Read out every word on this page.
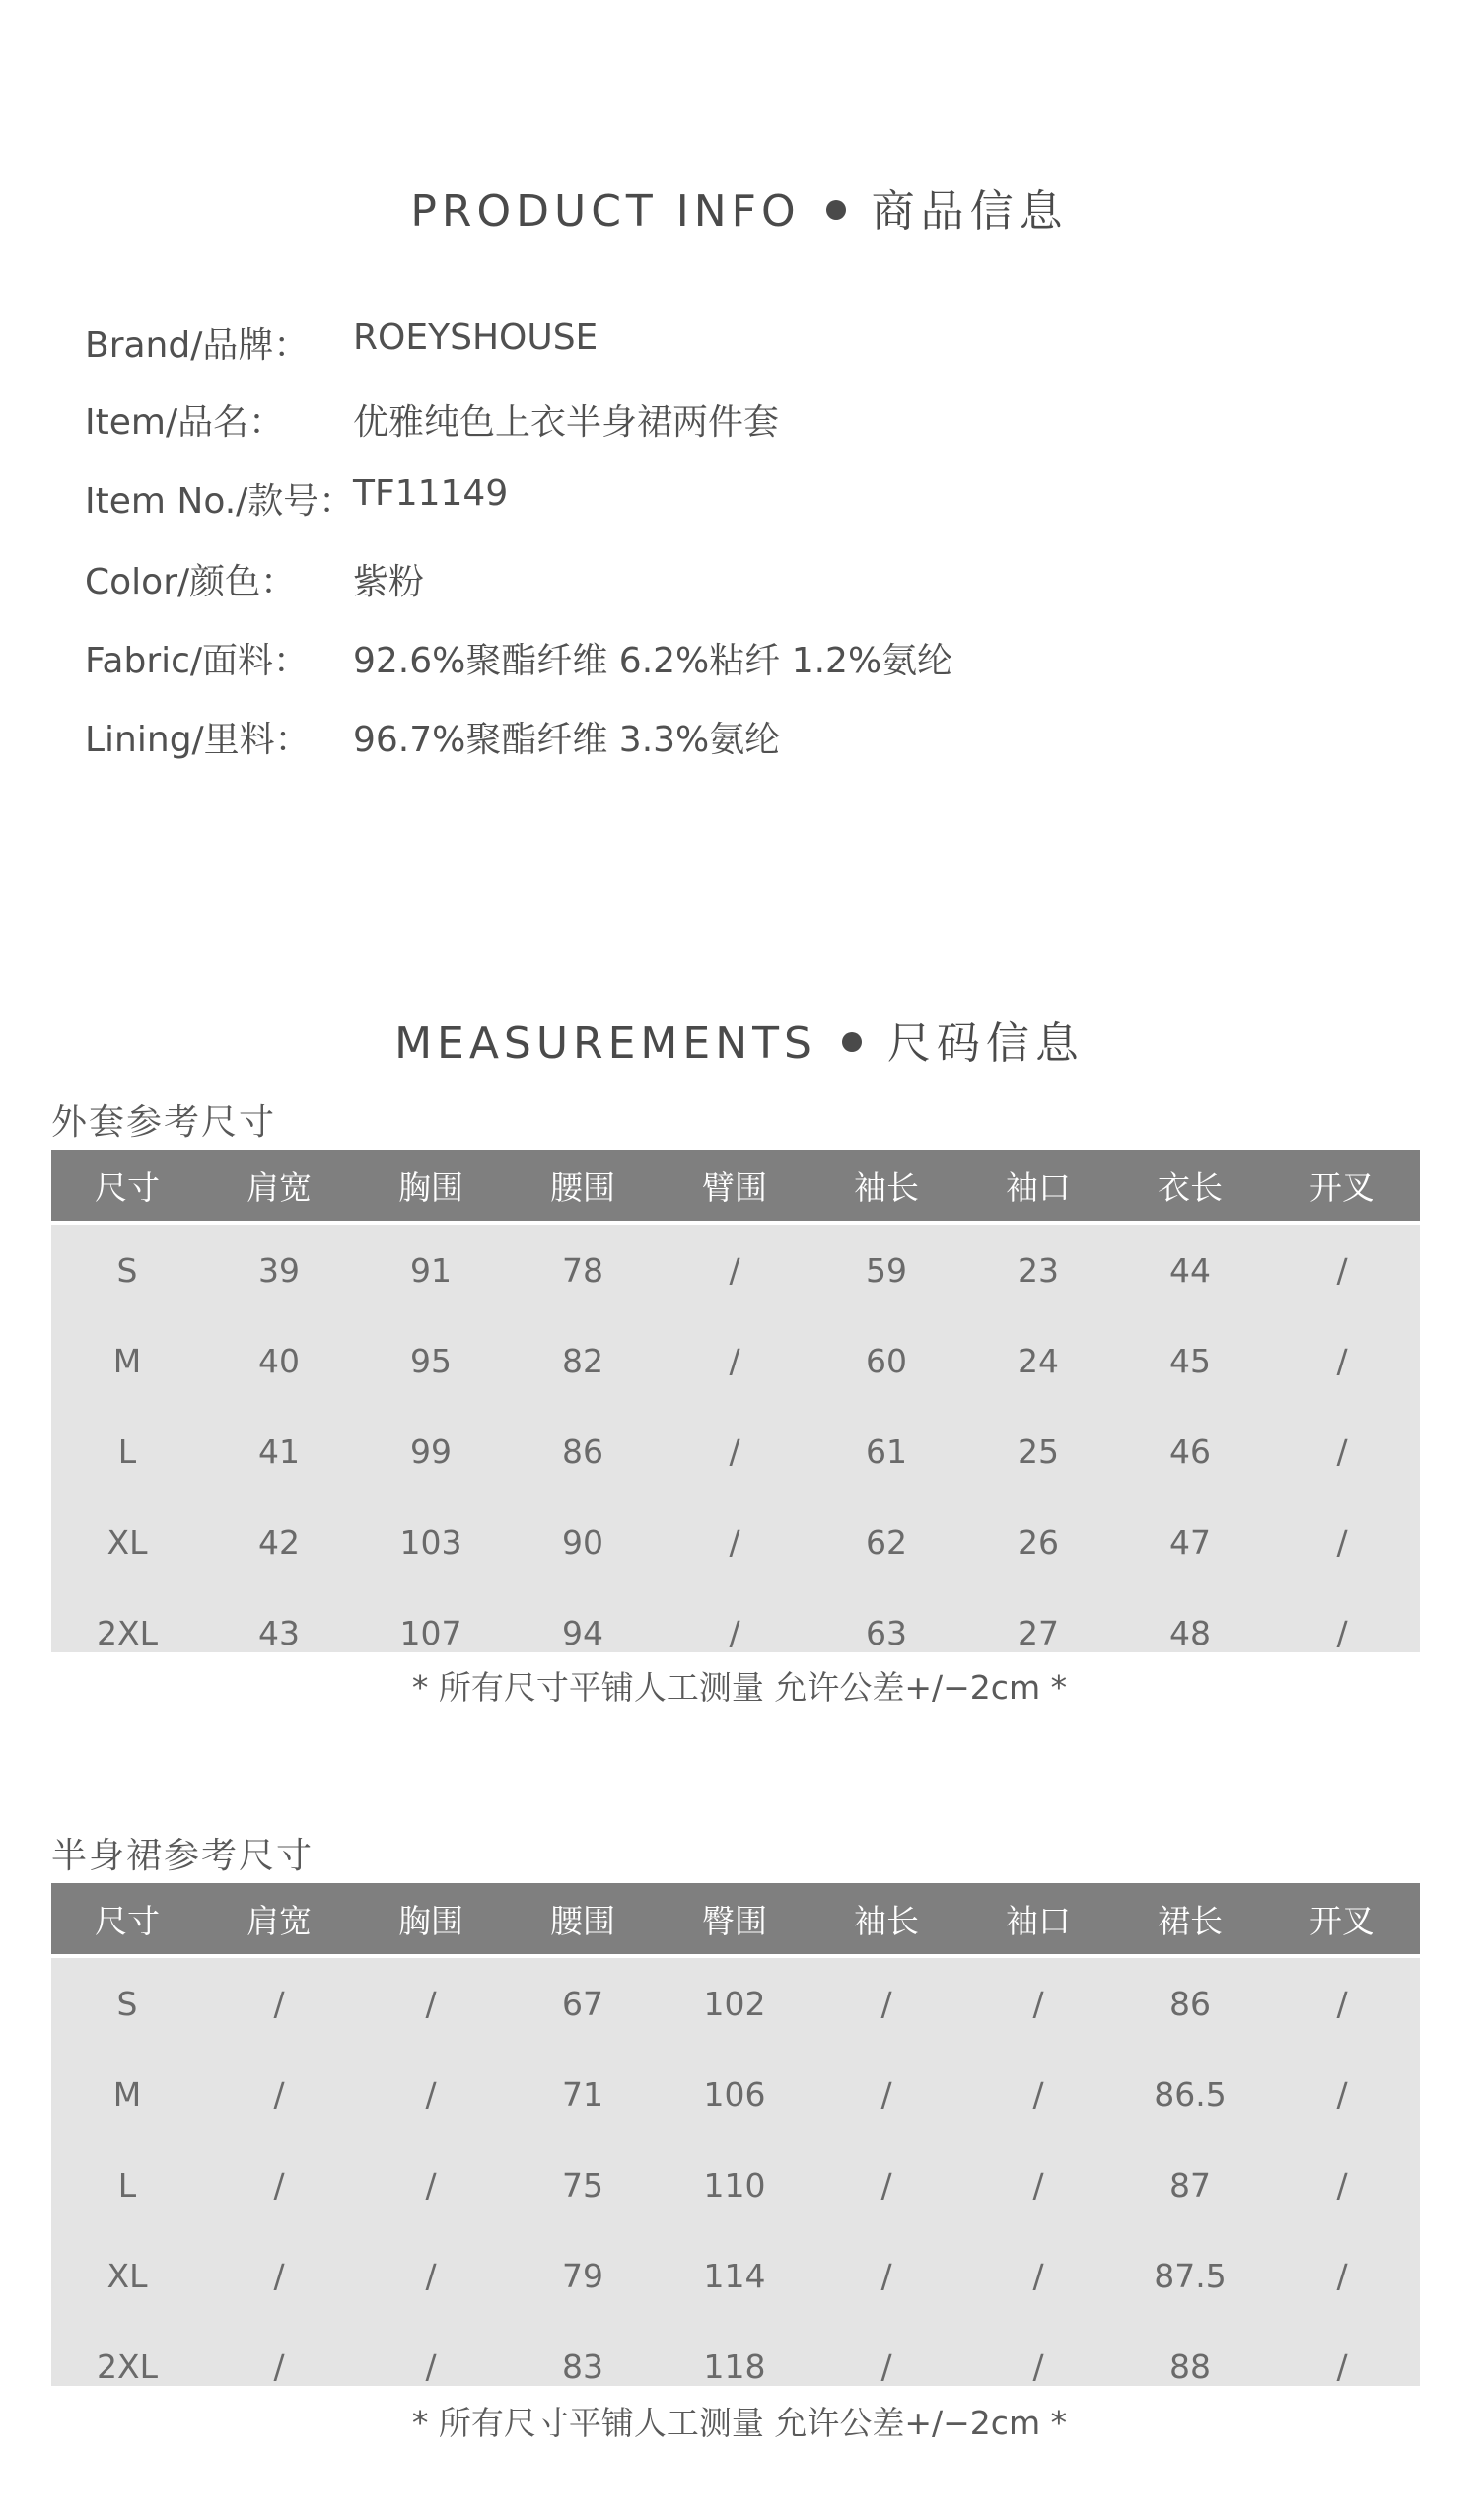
PRODUCT INFO 商品信息
Brand/品牌： ROEYSHOUSE
Item/品名： 优雅纯色上衣半身裙两件套
Item No./款号：
TF11149
Color/颜色： 紫粉
Fabric/面料： 92.6%聚酯纤维 6.2%粘纤 1.2%氨纶
Lining/里料： 96.7%聚酯纤维 3.3%氨纶
MEASUREMENTS 尺码信息
外套参考尺寸
尺寸	肩宽	胸围	腰围	臂围	袖长	袖口	衣长	开叉
S	39	91	78	/	59	23	44	/
M	40	95	82	/	60	24	45	/
L	41	99	86	/	61	25	46	/
XL	42	103	90	/	62	26	47	/
2XL	43	107	94	/	63	27	48	/
* 所有尺寸平铺人工测量 允许公差+/−2cm *
半身裙参考尺寸
尺寸	肩宽	胸围	腰围	臀围	袖长	袖口	裙长	开叉
S	/	/	67	102	/	/	86	/
M	/	/	71	106	/	/	86.5	/
L	/	/	75	110	/	/	87	/
XL	/	/	79	114	/	/	87.5	/
2XL	/	/	83	118	/	/	88	/
* 所有尺寸平铺人工测量 允许公差+/−2cm *
